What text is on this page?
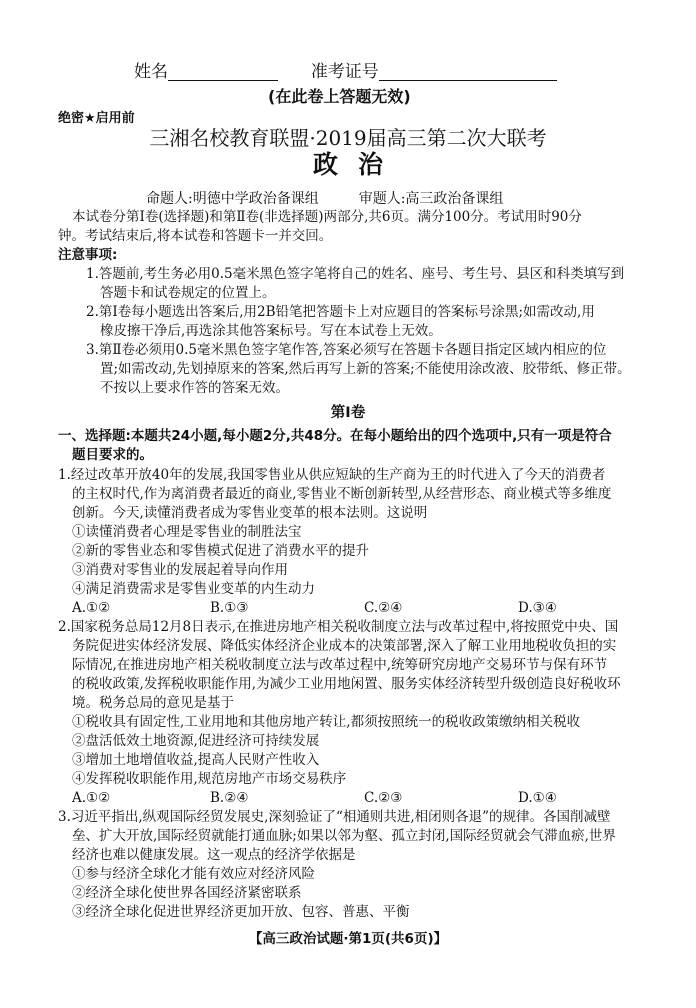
姓名	准考证号
(在此卷上答题无效)
绝密★启用前
三湘名校教育联盟·2019届高三第二次大联考
政治
命题人:明德中学政治备课组	审题人:高三政治备课组
本试卷分第Ⅰ卷(选择题)和第Ⅱ卷(非选择题)两部分,共6页。满分100分。考试用时90分
钟。考试结束后,将本试卷和答题卡一并交回。
注意事项:
1.答题前,考生务必用0.5毫米黑色签字笔将自己的姓名、座号、考生号、县区和科类填写到
答题卡和试卷规定的位置上。
2.第Ⅰ卷每小题选出答案后,用2B铅笔把答题卡上对应题目的答案标号涂黑;如需改动,用
橡皮擦干净后,再选涂其他答案标号。写在本试卷上无效。
3.第Ⅱ卷必须用0.5毫米黑色签字笔作答,答案必须写在答题卡各题目指定区域内相应的位
置;如需改动,先划掉原来的答案,然后再写上新的答案;不能使用涂改液、胶带纸、修正带。
不按以上要求作答的答案无效。
第Ⅰ卷
一、选择题:本题共24小题,每小题2分,共48分。在每小题给出的四个选项中,只有一项是符合
题目要求的。
1.经过改革开放40年的发展,我国零售业从供应短缺的生产商为王的时代进入了今天的消费者
的主权时代,作为离消费者最近的商业,零售业不断创新转型,从经营形态、商业模式等多维度
创新。今天,读懂消费者成为零售业变革的根本法则。这说明
①读懂消费者心理是零售业的制胜法宝
②新的零售业态和零售模式促进了消费水平的提升
③消费对零售业的发展起着导向作用
④满足消费需求是零售业变革的内生动力
A.①②	B.①③	C.②④	D.③④
2.国家税务总局12月8日表示,在推进房地产相关税收制度立法与改革过程中,将按照党中央、国
务院促进实体经济发展、降低实体经济企业成本的决策部署,深入了解工业用地税收负担的实
际情况,在推进房地产相关税收制度立法与改革过程中,统筹研究房地产交易环节与保有环节
的税收政策,发挥税收职能作用,为减少工业用地闲置、服务实体经济转型升级创造良好税收环
境。税务总局的意见是基于
①税收具有固定性,工业用地和其他房地产转让,都须按照统一的税收政策缴纳相关税收
②盘活低效土地资源,促进经济可持续发展
③增加土地增值收益,提高人民财产性收入
④发挥税收职能作用,规范房地产市场交易秩序
A.①②	B.②④	C.②③	D.①④
3.习近平指出,纵观国际经贸发展史,深刻验证了“相通则共进,相闭则各退”的规律。各国削减壁
垒、扩大开放,国际经贸就能打通血脉;如果以邻为壑、孤立封闭,国际经贸就会气滞血瘀,世界
经济也难以健康发展。这一观点的经济学依据是
①参与经济全球化才能有效应对经济风险
②经济全球化使世界各国经济紧密联系
③经济全球化促进世界经济更加开放、包容、普惠、平衡
【高三政治试题·第1页(共6页)】
